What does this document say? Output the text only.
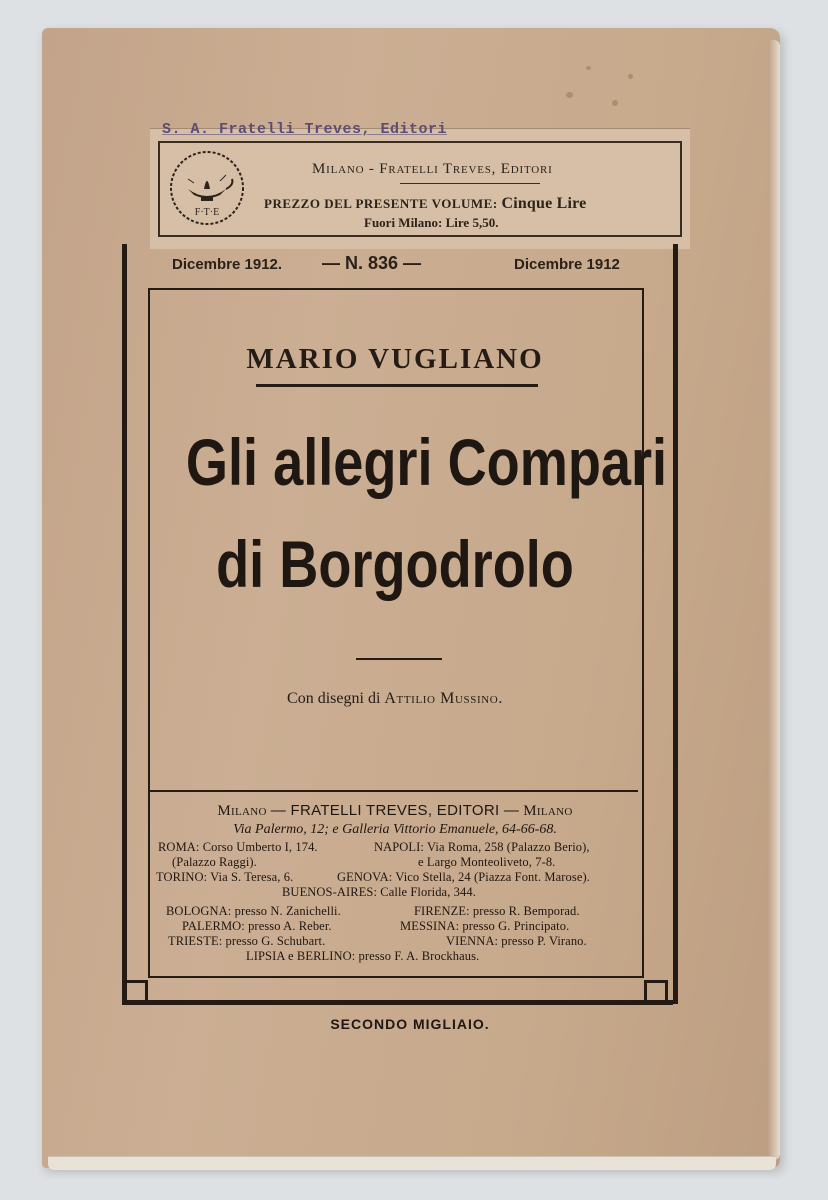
S. A. Fratelli Treves, Editori
F·T·E
Milano - Fratelli Treves, Editori
PREZZO DEL PRESENTE VOLUME: Cinque Lire
Fuori Milano: Lire 5,50.
Dicembre 1912. — N. 836 —	Dicembre 1912
MARIO VUGLIANO
Gli allegri Compari
di Borgodrolo
Con disegni di Attilio Mussino.
Milano — FRATELLI TREVES, EDITORI — Milano
Via Palermo, 12; e Galleria Vittorio Emanuele, 64-66-68.
ROMA: Corso Umberto I, 174.	NAPOLI: Via Roma, 258 (Palazzo Berio),
(Palazzo Raggi).	e Largo Monteoliveto, 7-8.
TORINO: Via S. Teresa, 6.	GENOVA: Vico Stella, 24 (Piazza Font. Marose).
BUENOS-AIRES: Calle Florida, 344.
BOLOGNA: presso N. Zanichelli.	FIRENZE: presso R. Bemporad.
PALERMO: presso A. Reber.	MESSINA: presso G. Principato.
TRIESTE: presso G. Schubart.	VIENNA: presso P. Virano.
LIPSIA e BERLINO: presso F. A. Brockhaus.
SECONDO MIGLIAIO.
